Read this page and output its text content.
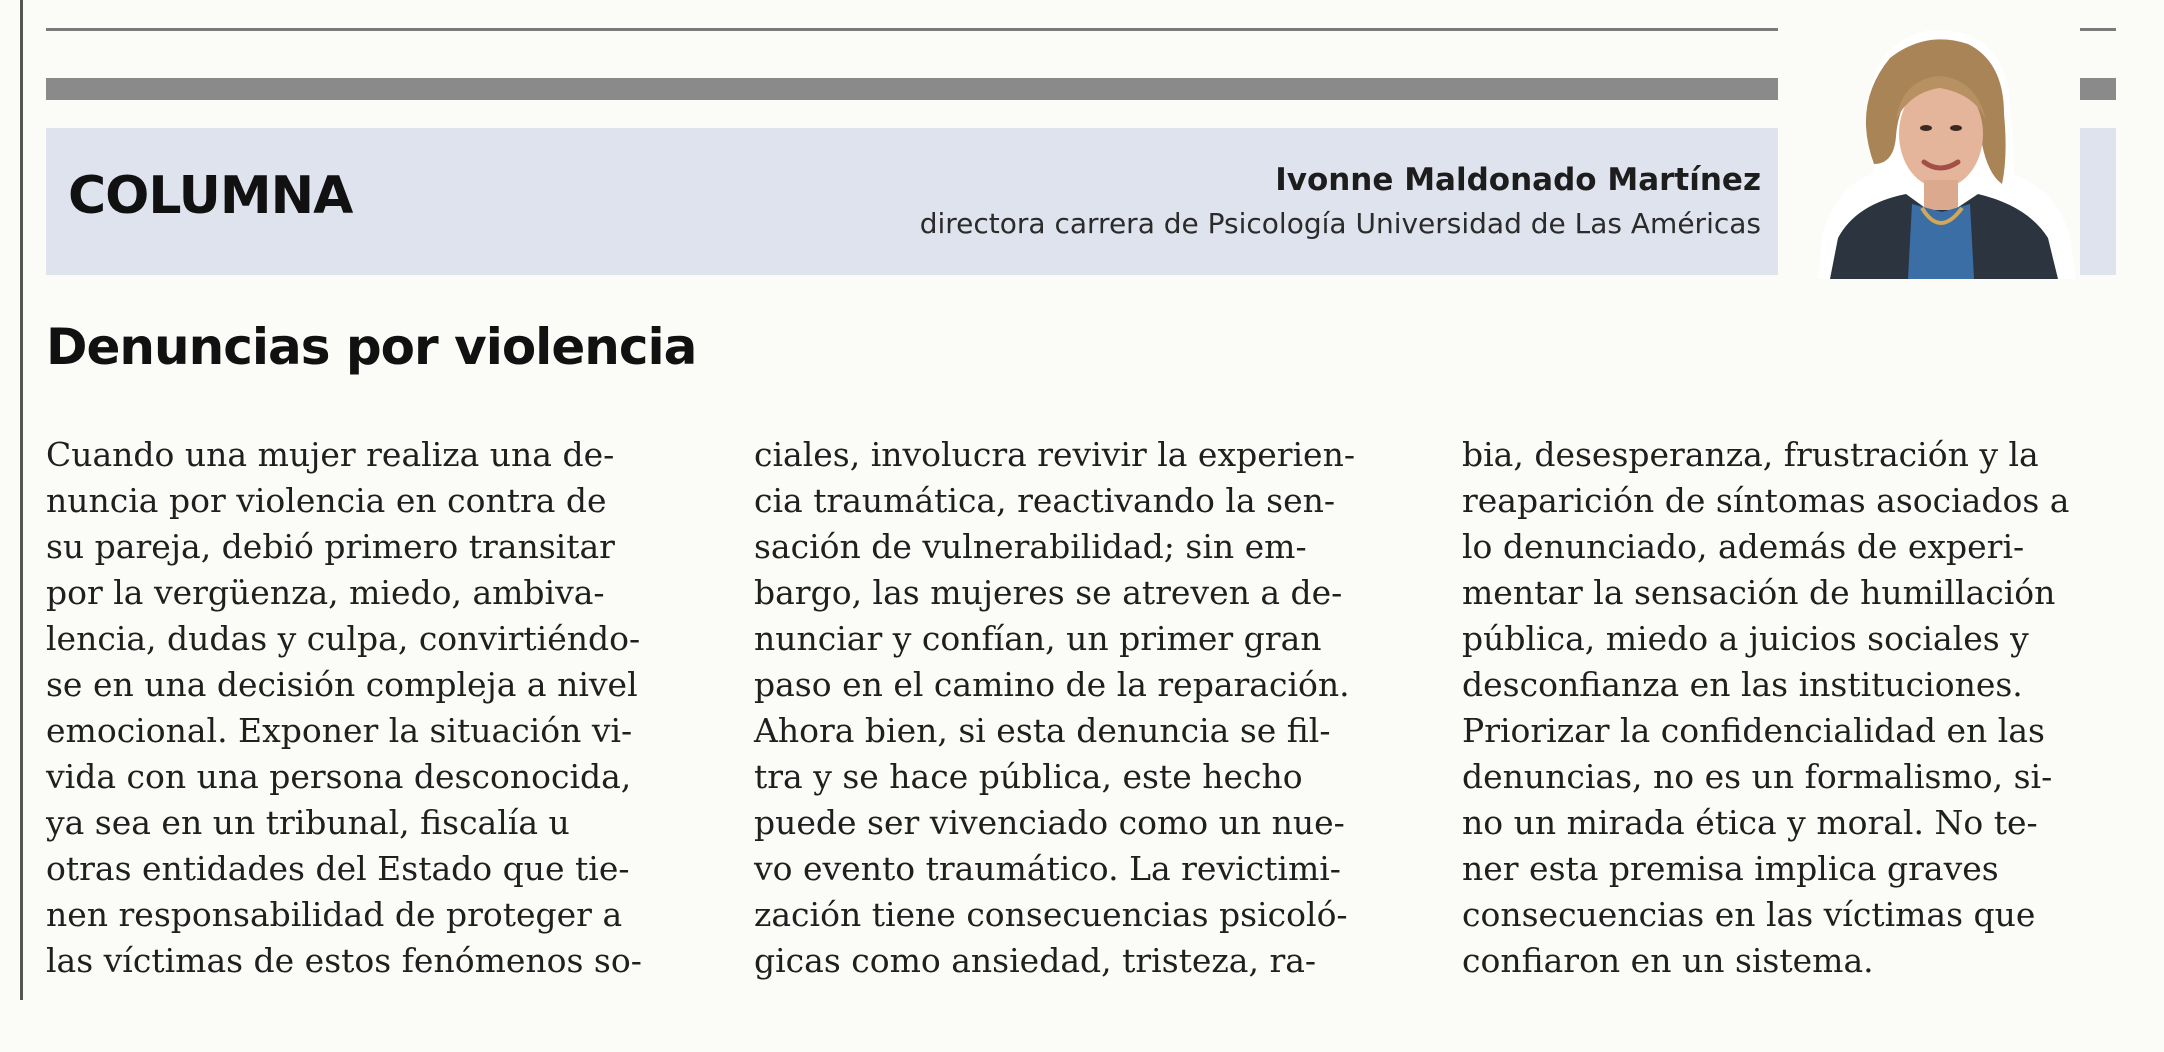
COLUMNA	Ivonne Maldonado Martínez
directora carrera de Psicología Universidad de Las Américas
Denuncias por violencia
Cuando una mujer realiza una de-
nuncia por violencia en contra de
su pareja, debió primero transitar
por la vergüenza, miedo, ambiva-
lencia, dudas y culpa, convirtiéndo-
se en una decisión compleja a nivel
emocional. Exponer la situación vi-
vida con una persona desconocida,
ya sea en un tribunal, fiscalía u
otras entidades del Estado que tie-
nen responsabilidad de proteger a
las víctimas de estos fenómenos so-
ciales, involucra revivir la experien-
cia traumática, reactivando la sen-
sación de vulnerabilidad; sin em-
bargo, las mujeres se atreven a de-
nunciar y confían, un primer gran
paso en el camino de la reparación.
Ahora bien, si esta denuncia se fil-
tra y se hace pública, este hecho
puede ser vivenciado como un nue-
vo evento traumático. La revictimi-
zación tiene consecuencias psicoló-
gicas como ansiedad, tristeza, ra-
bia, desesperanza, frustración y la
reaparición de síntomas asociados a
lo denunciado, además de experi-
mentar la sensación de humillación
pública, miedo a juicios sociales y
desconfianza en las instituciones.
Priorizar la confidencialidad en las
denuncias, no es un formalismo, si-
no un mirada ética y moral. No te-
ner esta premisa implica graves
consecuencias en las víctimas que
confiaron en un sistema.
